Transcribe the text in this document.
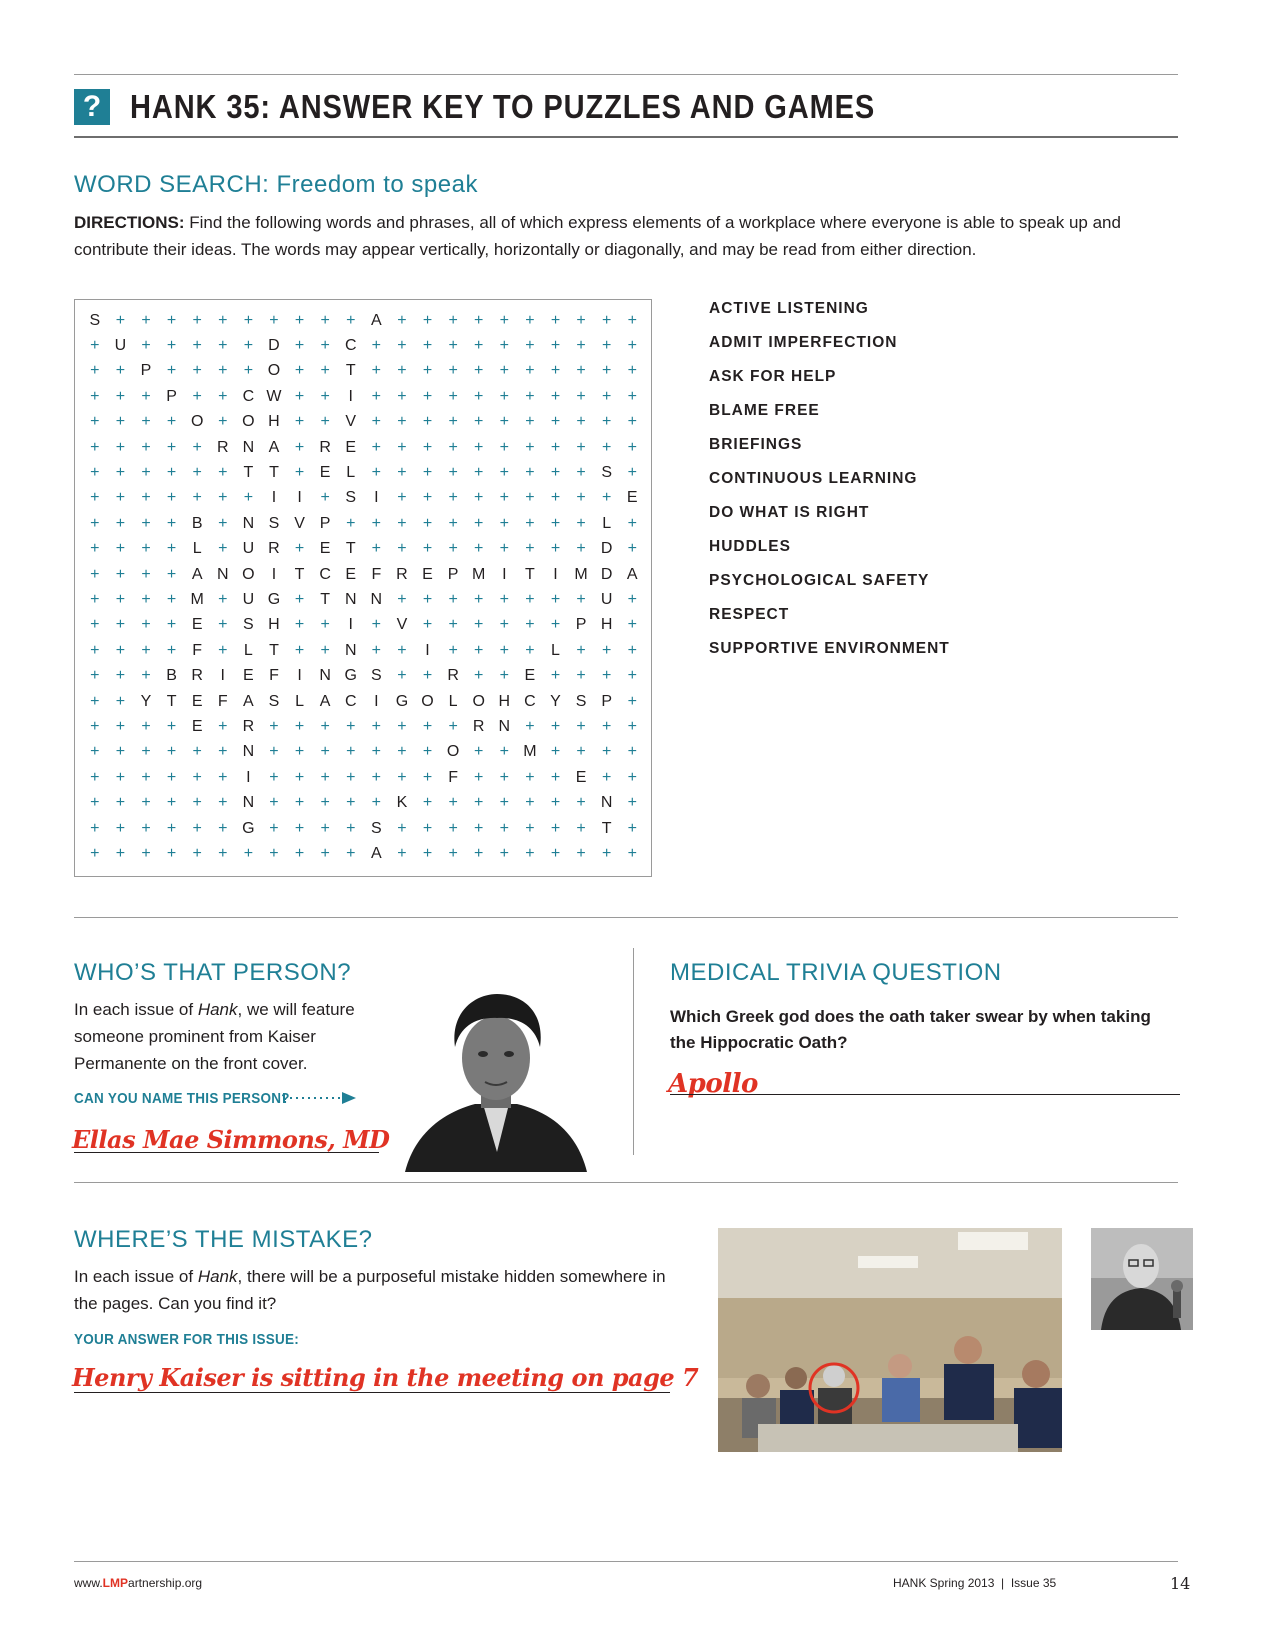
? HANK 35: ANSWER KEY TO PUZZLES AND GAMES
WORD SEARCH: Freedom to speak
DIRECTIONS: Find the following words and phrases, all of which express elements of a workplace where everyone is able to speak up and contribute their ideas. The words may appear vertically, horizontally or diagonally, and may be read from either direction.
S +	+	+	+	+	+	+	+	+	+ A +	+	+	+	+	+	+	+	+	+
+ U +	+	+	+	+ D +	+ C +	+	+	+	+	+	+	+	+	+	+
+	+ P +	+	+	+ O +	+	T	+	+	+	+	+	+	+	+	+	+	+
+	+	+ P +	+ C W +	+	I	+	+	+	+	+	+	+	+	+	+	+
+	+	+	+ O + O H +	+ V +	+	+	+	+	+	+	+	+	+	+
+	+	+	+	+ R N A + R E +	+	+	+	+	+	+	+	+	+	+
+	+	+	+	+	+	T T	+ E L	+	+	+	+	+	+	+	+	+ S +
+	+	+	+	+	+	+	I	I	+ S	I	+	+	+	+	+	+	+	+	+ E
+	+	+	+ B + N S V P +	+	+	+	+	+	+	+	+	+	L	+
+	+	+	+	L	+ U R + E T	+	+	+	+	+	+	+	+	+ D +
+	+	+	+ A N O	I	T C E F R E P M	I	T	I	M D A
+	+	+	+ M + U G +	T N N +	+	+	+	+	+	+	+ U +
+	+	+	+ E + S H +	+	I	+ V +	+	+	+	+	+ P H +
+	+	+	+	F	+	L	T	+	+ N +	+	I	+	+	+	+	L	+	+	+
+	+	+ B R	I	E F	I	N G S +	+ R +	+ E +	+	+	+
+	+ Y T E F A S L A C	I	G O L O H C Y S P +
+	+	+	+ E + R +	+	+	+	+	+	+	+ R N +	+	+	+	+
+	+	+	+	+	+ N +	+	+	+	+	+	+ O +	+ M +	+	+	+
+	+	+	+	+	+	I	+	+	+	+	+	+	+	F	+	+	+	+ E +	+
+	+	+	+	+	+ N +	+	+	+	+ K +	+	+	+	+	+	+ N +
+	+	+	+	+	+ G +	+	+	+ S +	+	+	+	+	+	+	+	T	+
+	+	+	+	+	+	+	+	+	+	+ A +	+	+	+	+	+	+	+	+	+
ACTIVE LISTENING
ADMIT IMPERFECTION
ASK FOR HELP
BLAME FREE
BRIEFINGS
CONTINUOUS LEARNING
DO WHAT IS RIGHT
HUDDLES
PSYCHOLOGICAL SAFETY
RESPECT
SUPPORTIVE ENVIRONMENT
WHO’S THAT PERSON?
In each issue of Hank, we will feature someone prominent from Kaiser Permanente on the front cover.
CAN YOU NAME THIS PERSON?
Ellas Mae Simmons, MD
MEDICAL TRIVIA QUESTION
Which Greek god does the oath taker swear by when taking the Hippocratic Oath?
Apollo
WHERE’S THE MISTAKE?
In each issue of Hank, there will be a purposeful mistake hidden somewhere in the pages. Can you find it?
YOUR ANSWER FOR THIS ISSUE:
Henry Kaiser is sitting in the meeting on page 7
www.LMPartnership.org	HANK Spring 2013  |  Issue 35	14
